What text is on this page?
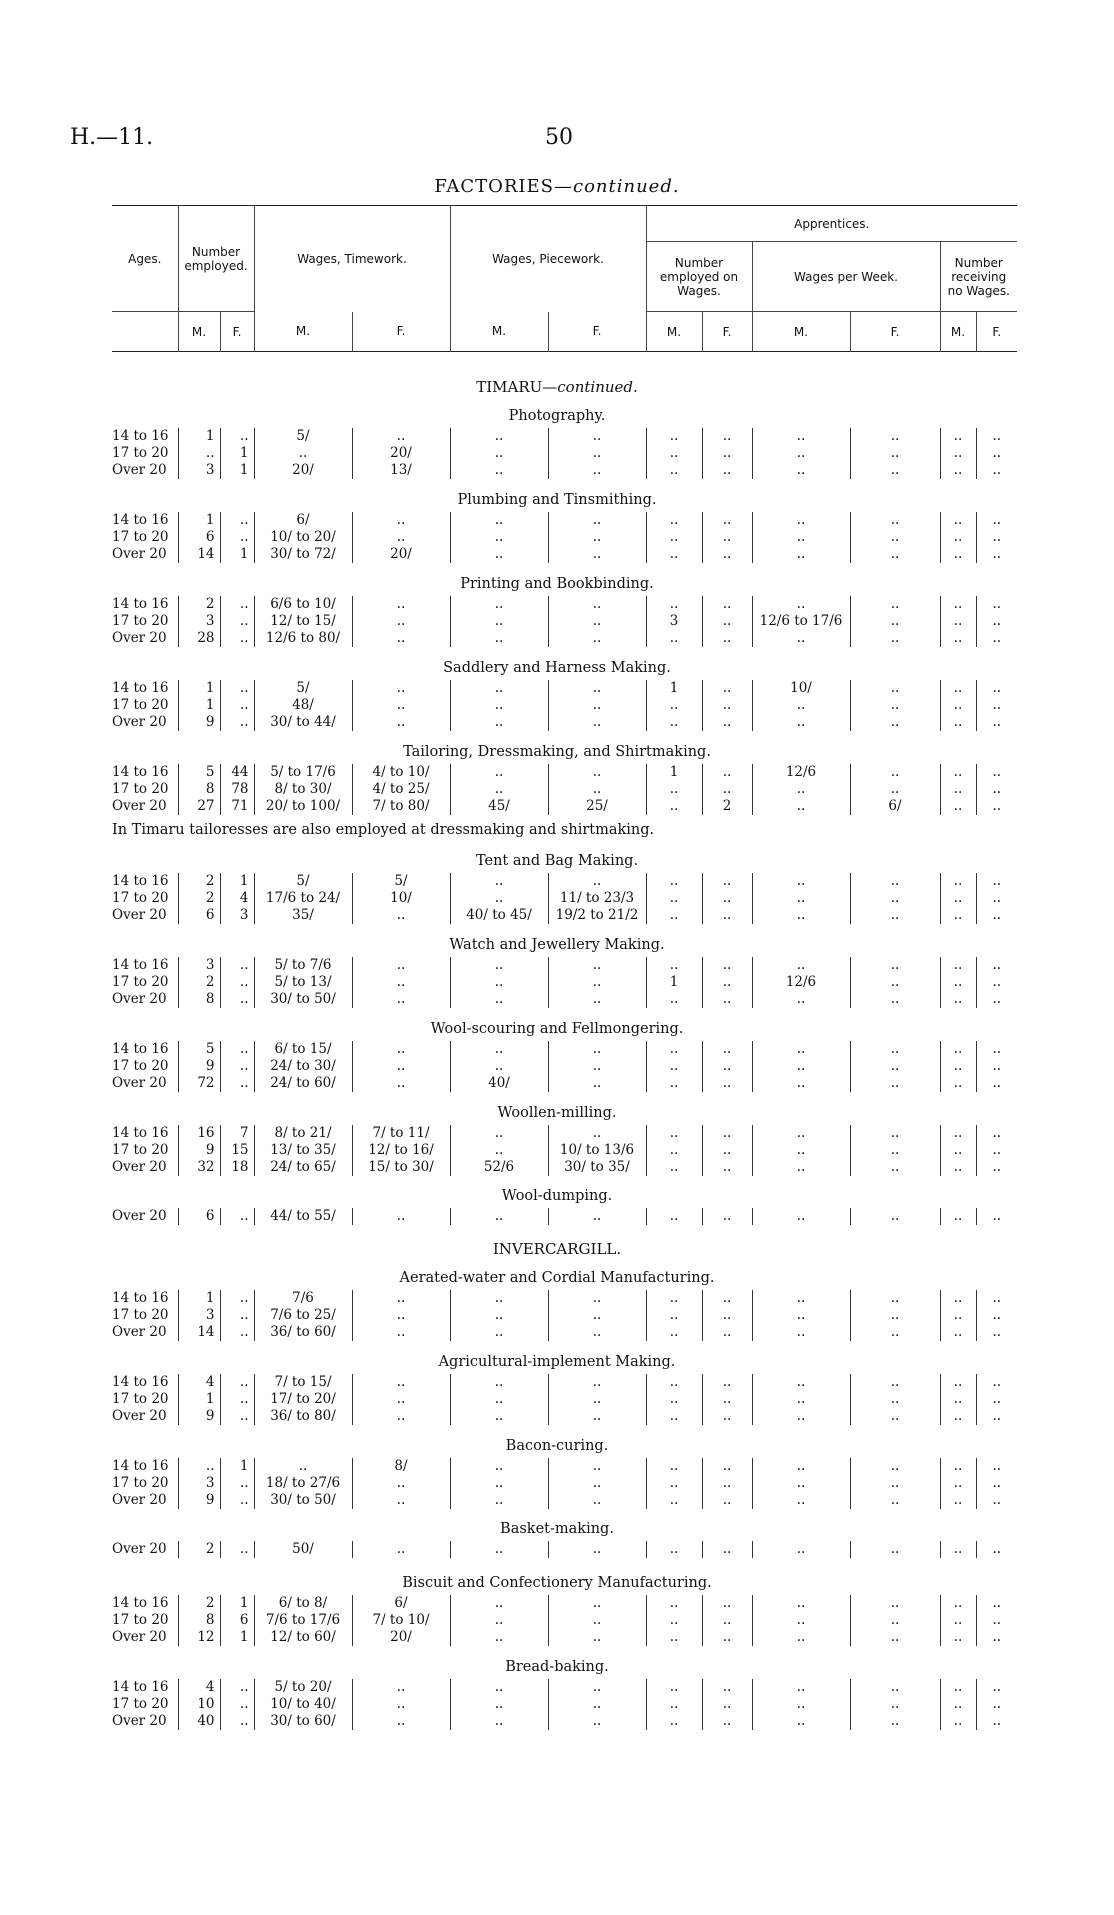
H.—11.	50
FACTORIES—continued.
Ages.	Number employed.		Wages, Timework.		Wages, Piecework.		Apprentices.					
							Number employed on Wages.		Wages per Week.		Number receiving no Wages.	
	M.	F.	M.	F.	M.	F.	M.	F.	M.	F.	M.	F.
TIMARU—continued.
INVERCARGILL.
In Timaru tailoresses are also employed at dressmaking and shirtmaking.
Photography.
14 to 16	1	..	5/	..	..	..	..	..	..	..	..	..
17 to 20	..	1	..	20/	..	..	..	..	..	..	..	..
Over 20	3	1	20/	13/	..	..	..	..	..	..	..	..
Plumbing and Tinsmithing.
14 to 16	1	..	6/	..	..	..	..	..	..	..	..	..
17 to 20	6	..	10/ to 20/	..	..	..	..	..	..	..	..	..
Over 20	14	1	30/ to 72/	20/	..	..	..	..	..	..	..	..
Printing and Bookbinding.
14 to 16	2	..	6/6 to 10/	..	..	..	..	..	..	..	..	..
17 to 20	3	..	12/ to 15/	..	..	..	3	..	12/6 to 17/6	..	..	..
Over 20	28	..	12/6 to 80/	..	..	..	..	..	..	..	..	..
Saddlery and Harness Making.
14 to 16	1	..	5/	..	..	..	1	..	10/	..	..	..
17 to 20	1	..	48/	..	..	..	..	..	..	..	..	..
Over 20	9	..	30/ to 44/	..	..	..	..	..	..	..	..	..
Tailoring, Dressmaking, and Shirtmaking.
14 to 16	5	44	5/ to 17/6	4/ to 10/	..	..	1	..	12/6	..	..	..
17 to 20	8	78	8/ to 30/	4/ to 25/	..	..	..	..	..	..	..	..
Over 20	27	71	20/ to 100/	7/ to 80/	45/	25/	..	2	..	6/	..	..
Tent and Bag Making.
14 to 16	2	1	5/	5/	..	..	..	..	..	..	..	..
17 to 20	2	4	17/6 to 24/	10/	..	11/ to 23/3	..	..	..	..	..	..
Over 20	6	3	35/	..	40/ to 45/	19/2 to 21/2	..	..	..	..	..	..
Watch and Jewellery Making.
14 to 16	3	..	5/ to 7/6	..	..	..	..	..	..	..	..	..
17 to 20	2	..	5/ to 13/	..	..	..	1	..	12/6	..	..	..
Over 20	8	..	30/ to 50/	..	..	..	..	..	..	..	..	..
Wool-scouring and Fellmongering.
14 to 16	5	..	6/ to 15/	..	..	..	..	..	..	..	..	..
17 to 20	9	..	24/ to 30/	..	..	..	..	..	..	..	..	..
Over 20	72	..	24/ to 60/	..	40/	..	..	..	..	..	..	..
Woollen-milling.
14 to 16	16	7	8/ to 21/	7/ to 11/	..	..	..	..	..	..	..	..
17 to 20	9	15	13/ to 35/	12/ to 16/	..	10/ to 13/6	..	..	..	..	..	..
Over 20	32	18	24/ to 65/	15/ to 30/	52/6	30/ to 35/	..	..	..	..	..	..
Wool-dumping.
Over 20	6	..	44/ to 55/	..	..	..	..	..	..	..	..	..
Aerated-water and Cordial Manufacturing.
14 to 16	1	..	7/6	..	..	..	..	..	..	..	..	..
17 to 20	3	..	7/6 to 25/	..	..	..	..	..	..	..	..	..
Over 20	14	..	36/ to 60/	..	..	..	..	..	..	..	..	..
Agricultural-implement Making.
14 to 16	4	..	7/ to 15/	..	..	..	..	..	..	..	..	..
17 to 20	1	..	17/ to 20/	..	..	..	..	..	..	..	..	..
Over 20	9	..	36/ to 80/	..	..	..	..	..	..	..	..	..
Bacon-curing.
14 to 16	..	1	..	8/	..	..	..	..	..	..	..	..
17 to 20	3	..	18/ to 27/6	..	..	..	..	..	..	..	..	..
Over 20	9	..	30/ to 50/	..	..	..	..	..	..	..	..	..
Basket-making.
Over 20	2	..	50/	..	..	..	..	..	..	..	..	..
Biscuit and Confectionery Manufacturing.
14 to 16	2	1	6/ to 8/	6/	..	..	..	..	..	..	..	..
17 to 20	8	6	7/6 to 17/6	7/ to 10/	..	..	..	..	..	..	..	..
Over 20	12	1	12/ to 60/	20/	..	..	..	..	..	..	..	..
Bread-baking.
14 to 16	4	..	5/ to 20/	..	..	..	..	..	..	..	..	..
17 to 20	10	..	10/ to 40/	..	..	..	..	..	..	..	..	..
Over 20	40	..	30/ to 60/	..	..	..	..	..	..	..	..	..
